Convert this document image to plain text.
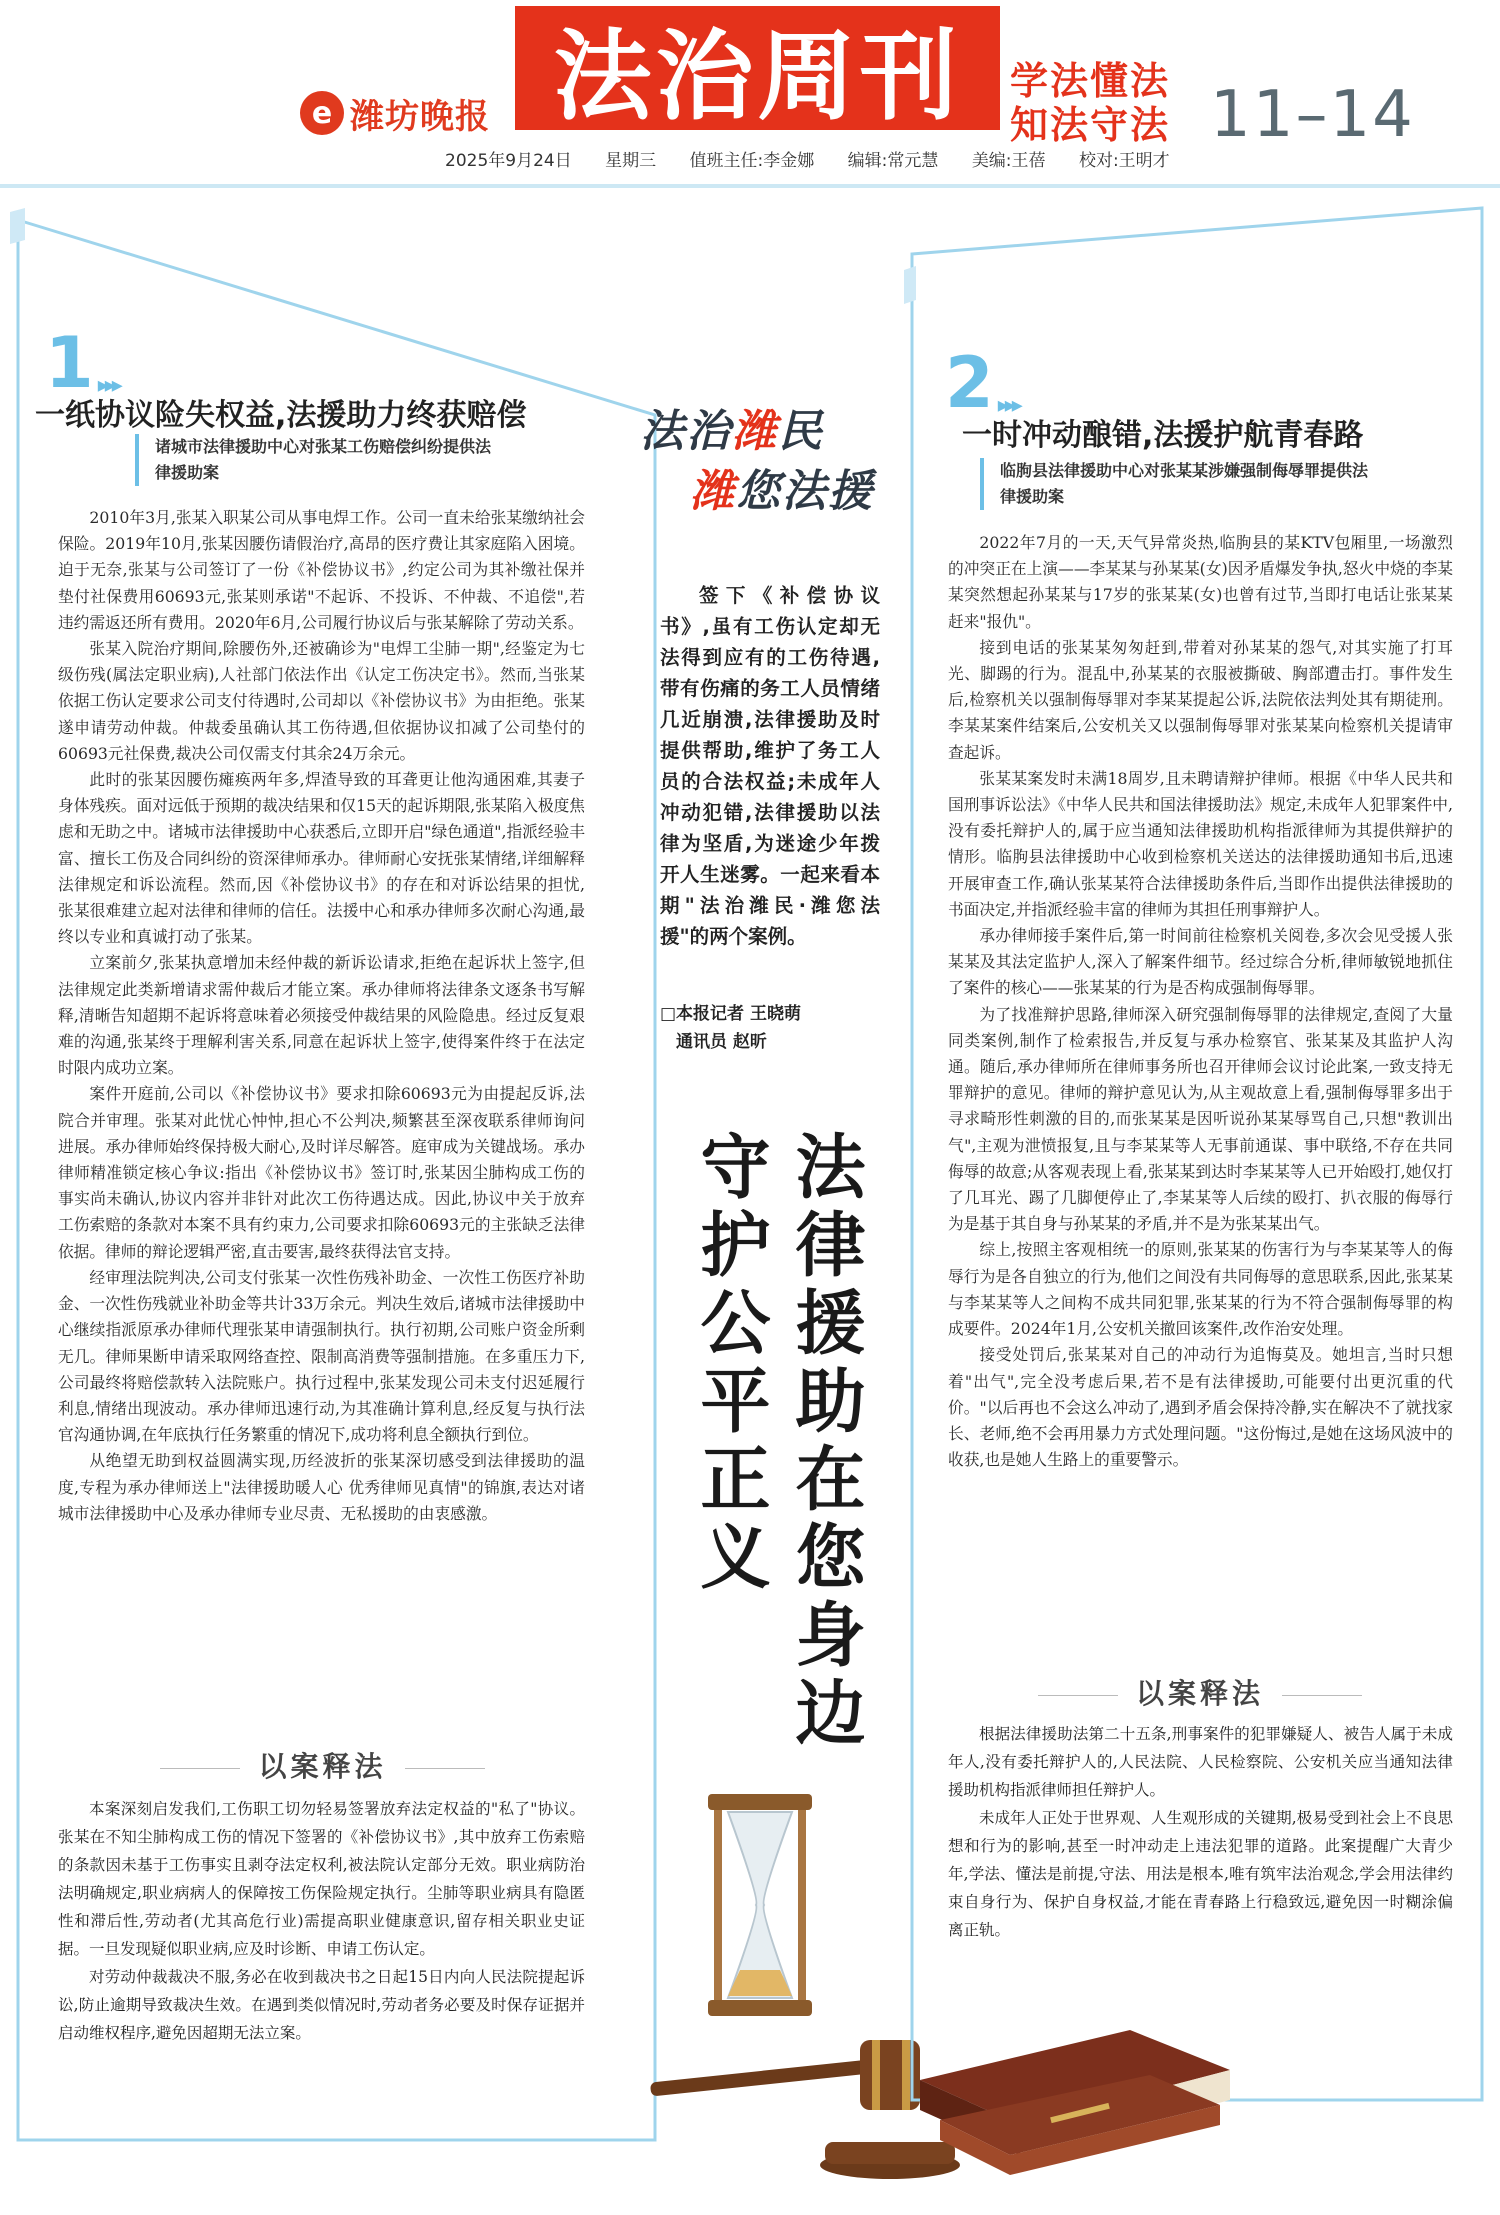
e 潍坊晚报 法治周刊	学法懂法
知法守法 11–14
2025年9月24日 星期三 值班主任:李金娜 编辑:常元慧 美编:王蓓 校对:王明才
1 ▸▸▸
一纸协议险失权益,法援助力终获赔偿
诸城市法律援助中心对张某工伤赔偿纠纷提供法律援助案

2010年3月,张某入职某公司从事电焊工作。公司一直未给张某缴纳社会保险。2019年10月,张某因腰伤请假治疗,高昂的医疗费让其家庭陷入困境。迫于无奈,张某与公司签订了一份《补偿协议书》,约定公司为其补缴社保并垫付社保费用60693元,张某则承诺"不起诉、不投诉、不仲裁、不追偿",若违约需返还所有费用。2020年6月,公司履行协议后与张某解除了劳动关系。

张某入院治疗期间,除腰伤外,还被确诊为"电焊工尘肺一期",经鉴定为七级伤残(属法定职业病),人社部门依法作出《认定工伤决定书》。然而,当张某依据工伤认定要求公司支付待遇时,公司却以《补偿协议书》为由拒绝。张某遂申请劳动仲裁。仲裁委虽确认其工伤待遇,但依据协议扣减了公司垫付的60693元社保费,裁决公司仅需支付其余24万余元。

此时的张某因腰伤瘫痪两年多,焊渣导致的耳聋更让他沟通困难,其妻子身体残疾。面对远低于预期的裁决结果和仅15天的起诉期限,张某陷入极度焦虑和无助之中。诸城市法律援助中心获悉后,立即开启"绿色通道",指派经验丰富、擅长工伤及合同纠纷的资深律师承办。律师耐心安抚张某情绪,详细解释法律规定和诉讼流程。然而,因《补偿协议书》的存在和对诉讼结果的担忧,张某很难建立起对法律和律师的信任。法援中心和承办律师多次耐心沟通,最终以专业和真诚打动了张某。

立案前夕,张某执意增加未经仲裁的新诉讼请求,拒绝在起诉状上签字,但法律规定此类新增请求需仲裁后才能立案。承办律师将法律条文逐条书写解释,清晰告知超期不起诉将意味着必须接受仲裁结果的风险隐患。经过反复艰难的沟通,张某终于理解利害关系,同意在起诉状上签字,使得案件终于在法定时限内成功立案。

案件开庭前,公司以《补偿协议书》要求扣除60693元为由提起反诉,法院合并审理。张某对此忧心忡忡,担心不公判决,频繁甚至深夜联系律师询问进展。承办律师始终保持极大耐心,及时详尽解答。庭审成为关键战场。承办律师精准锁定核心争议:指出《补偿协议书》签订时,张某因尘肺构成工伤的事实尚未确认,协议内容并非针对此次工伤待遇达成。因此,协议中关于放弃工伤索赔的条款对本案不具有约束力,公司要求扣除60693元的主张缺乏法律依据。律师的辩论逻辑严密,直击要害,最终获得法官支持。

经审理法院判决,公司支付张某一次性伤残补助金、一次性工伤医疗补助金、一次性伤残就业补助金等共计33万余元。判决生效后,诸城市法律援助中心继续指派原承办律师代理张某申请强制执行。执行初期,公司账户资金所剩无几。律师果断申请采取网络查控、限制高消费等强制措施。在多重压力下,公司最终将赔偿款转入法院账户。执行过程中,张某发现公司未支付迟延履行利息,情绪出现波动。承办律师迅速行动,为其准确计算利息,经反复与执行法官沟通协调,在年底执行任务繁重的情况下,成功将利息全额执行到位。

从绝望无助到权益圆满实现,历经波折的张某深切感受到法律援助的温度,专程为承办律师送上"法律援助暖人心 优秀律师见真情"的锦旗,表达对诸城市法律援助中心及承办律师专业尽责、无私援助的由衷感激。

以案释法

本案深刻启发我们,工伤职工切勿轻易签署放弃法定权益的"私了"协议。张某在不知尘肺构成工伤的情况下签署的《补偿协议书》,其中放弃工伤索赔的条款因未基于工伤事实且剥夺法定权利,被法院认定部分无效。职业病防治法明确规定,职业病病人的保障按工伤保险规定执行。尘肺等职业病具有隐匿性和滞后性,劳动者(尤其高危行业)需提高职业健康意识,留存相关职业史证据。一旦发现疑似职业病,应及时诊断、申请工伤认定。

对劳动仲裁裁决不服,务必在收到裁决书之日起15日内向人民法院提起诉讼,防止逾期导致裁决生效。在遇到类似情况时,劳动者务必要及时保存证据并启动维权程序,避免因超期无法立案。

法治潍民
潍您法援
签下《补偿协议书》,虽有工伤认定却无法得到应有的工伤待遇,带有伤痛的务工人员情绪几近崩溃,法律援助及时提供帮助,维护了务工人员的合法权益;未成年人冲动犯错,法律援助以法律为坚盾,为迷途少年拨开人生迷雾。一起来看本期"法治潍民·潍您法援"的两个案例。
□本报记者 王晓萌
通讯员 赵昕
法律援助在您身边
守护公平正义
2 ▸▸▸
一时冲动酿错,法援护航青春路
临朐县法律援助中心对张某某涉嫌强制侮辱罪提供法律援助案

2022年7月的一天,天气异常炎热,临朐县的某KTV包厢里,一场激烈的冲突正在上演——李某某与孙某某(女)因矛盾爆发争执,怒火中烧的李某某突然想起孙某某与17岁的张某某(女)也曾有过节,当即打电话让张某某赶来"报仇"。

接到电话的张某某匆匆赶到,带着对孙某某的怨气,对其实施了打耳光、脚踢的行为。混乱中,孙某某的衣服被撕破、胸部遭击打。事件发生后,检察机关以强制侮辱罪对李某某提起公诉,法院依法判处其有期徒刑。李某某案件结案后,公安机关又以强制侮辱罪对张某某向检察机关提请审查起诉。

张某某案发时未满18周岁,且未聘请辩护律师。根据《中华人民共和国刑事诉讼法》《中华人民共和国法律援助法》规定,未成年人犯罪案件中,没有委托辩护人的,属于应当通知法律援助机构指派律师为其提供辩护的情形。临朐县法律援助中心收到检察机关送达的法律援助通知书后,迅速开展审查工作,确认张某某符合法律援助条件后,当即作出提供法律援助的书面决定,并指派经验丰富的律师为其担任刑事辩护人。

承办律师接手案件后,第一时间前往检察机关阅卷,多次会见受援人张某某及其法定监护人,深入了解案件细节。经过综合分析,律师敏锐地抓住了案件的核心——张某某的行为是否构成强制侮辱罪。

为了找准辩护思路,律师深入研究强制侮辱罪的法律规定,查阅了大量同类案例,制作了检索报告,并反复与承办检察官、张某某及其监护人沟通。随后,承办律师所在律师事务所也召开律师会议讨论此案,一致支持无罪辩护的意见。律师的辩护意见认为,从主观故意上看,强制侮辱罪多出于寻求畸形性刺激的目的,而张某某是因听说孙某某辱骂自己,只想"教训出气",主观为泄愤报复,且与李某某等人无事前通谋、事中联络,不存在共同侮辱的故意;从客观表现上看,张某某到达时李某某等人已开始殴打,她仅打了几耳光、踢了几脚便停止了,李某某等人后续的殴打、扒衣服的侮辱行为是基于其自身与孙某某的矛盾,并不是为张某某出气。

综上,按照主客观相统一的原则,张某某的伤害行为与李某某等人的侮辱行为是各自独立的行为,他们之间没有共同侮辱的意思联系,因此,张某某与李某某等人之间构不成共同犯罪,张某某的行为不符合强制侮辱罪的构成要件。2024年1月,公安机关撤回该案件,改作治安处理。

接受处罚后,张某某对自己的冲动行为追悔莫及。她坦言,当时只想着"出气",完全没考虑后果,若不是有法律援助,可能要付出更沉重的代价。"以后再也不会这么冲动了,遇到矛盾会保持冷静,实在解决不了就找家长、老师,绝不会再用暴力方式处理问题。"这份悔过,是她在这场风波中的收获,也是她人生路上的重要警示。

以案释法

根据法律援助法第二十五条,刑事案件的犯罪嫌疑人、被告人属于未成年人,没有委托辩护人的,人民法院、人民检察院、公安机关应当通知法律援助机构指派律师担任辩护人。

未成年人正处于世界观、人生观形成的关键期,极易受到社会上不良思想和行为的影响,甚至一时冲动走上违法犯罪的道路。此案提醒广大青少年,学法、懂法是前提,守法、用法是根本,唯有筑牢法治观念,学会用法律约束自身行为、保护自身权益,才能在青春路上行稳致远,避免因一时糊涂偏离正轨。
